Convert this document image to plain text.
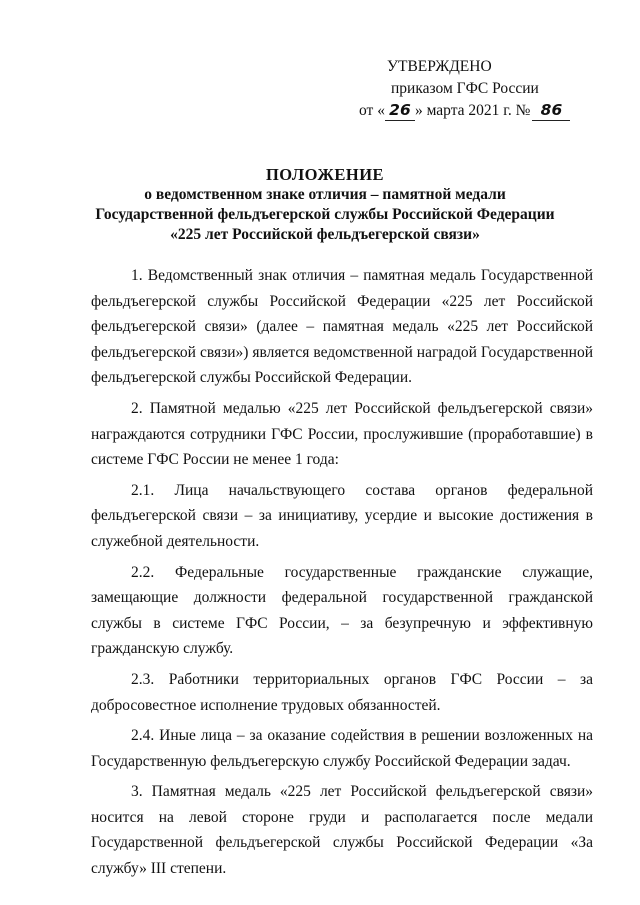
УТВЕРЖДЕНО
приказом ГФС России
от « 26 » марта 2021 г. № 86
ПОЛОЖЕНИЕ
о ведомственном знаке отличия – памятной медали
Государственной фельдъегерской службы Российской Федерации
«225 лет Российской фельдъегерской связи»

1. Ведомственный знак отличия – памятная медаль Государственной фельдъегерской службы Российской Федерации «225 лет Российской фельдъегерской связи» (далее – памятная медаль «225 лет Российской фельдъегерской связи») является ведомственной наградой Государственной фельдъегерской службы Российской Федерации.

2. Памятной медалью «225 лет Российской фельдъегерской связи» награждаются сотрудники ГФС России, прослужившие (проработавшие) в системе ГФС России не менее 1 года:

2.1. Лица начальствующего состава органов федеральной фельдъегерской связи – за инициативу, усердие и высокие достижения в служебной деятельности.

2.2. Федеральные государственные гражданские служащие, замещающие должности федеральной государственной гражданской службы в системе ГФС России, – за безупречную и эффективную гражданскую службу.

2.3. Работники территориальных органов ГФС России – за добросовестное исполнение трудовых обязанностей.

2.4. Иные лица – за оказание содействия в решении возложенных на Государственную фельдъегерскую службу Российской Федерации задач.

3. Памятная медаль «225 лет Российской фельдъегерской связи» носится на левой стороне груди и располагается после медали Государственной фельдъегерской службы Российской Федерации «За службу» III степени.
